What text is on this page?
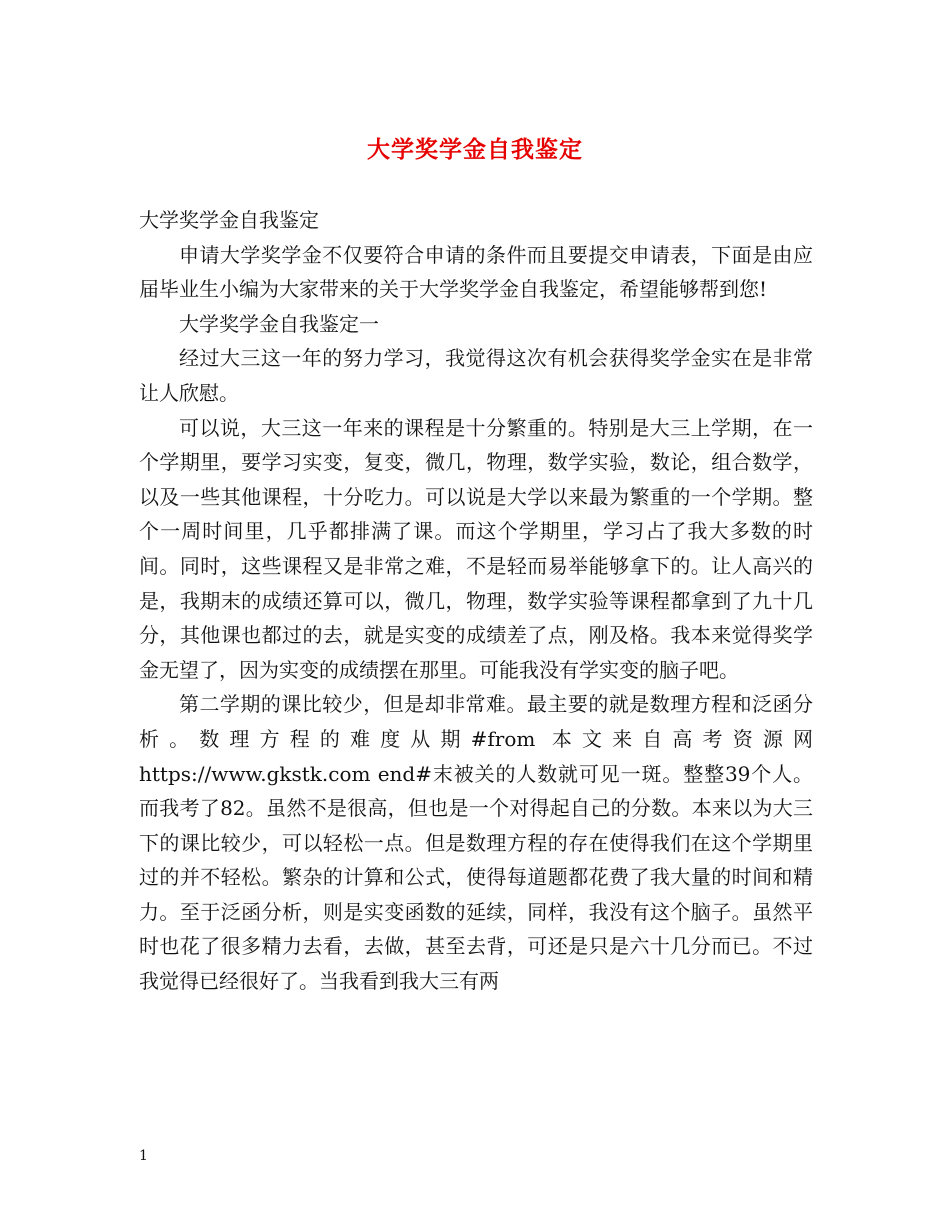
大学奖学金自我鉴定

大学奖学金自我鉴定

申请大学奖学金不仅要符合申请的条件而且要提交申请表，下面是由应届毕业生小编为大家带来的关于大学奖学金自我鉴定，希望能够帮到您!

大学奖学金自我鉴定一

经过大三这一年的努力学习，我觉得这次有机会获得奖学金实在是非常让人欣慰。

可以说，大三这一年来的课程是十分繁重的。特别是大三上学期，在一个学期里，要学习实变，复变，微几，物理，数学实验，数论，组合数学，以及一些其他课程，十分吃力。可以说是大学以来最为繁重的一个学期。整个一周时间里，几乎都排满了课。而这个学期里，学习占了我大多数的时间。同时，这些课程又是非常之难，不是轻而易举能够拿下的。让人高兴的是，我期末的成绩还算可以，微几，物理，数学实验等课程都拿到了九十几分，其他课也都过的去，就是实变的成绩差了点，刚及格。我本来觉得奖学金无望了，因为实变的成绩摆在那里。可能我没有学实变的脑子吧。

第二学期的课比较少，但是却非常难。最主要的就是数理方程和泛函分析。数理方程的难度从期#from 本文来自高考资源网https://www.gkstk.com end#末被关的人数就可见一斑。整整39个人。而我考了82。虽然不是很高，但也是一个对得起自己的分数。本来以为大三下的课比较少，可以轻松一点。但是数理方程的存在使得我们在这个学期里过的并不轻松。繁杂的计算和公式，使得每道题都花费了我大量的时间和精力。至于泛函分析，则是实变函数的延续，同样，我没有这个脑子。虽然平时也花了很多精力去看，去做，甚至去背，可还是只是六十几分而已。不过我觉得已经很好了。当我看到我大三有两

1
